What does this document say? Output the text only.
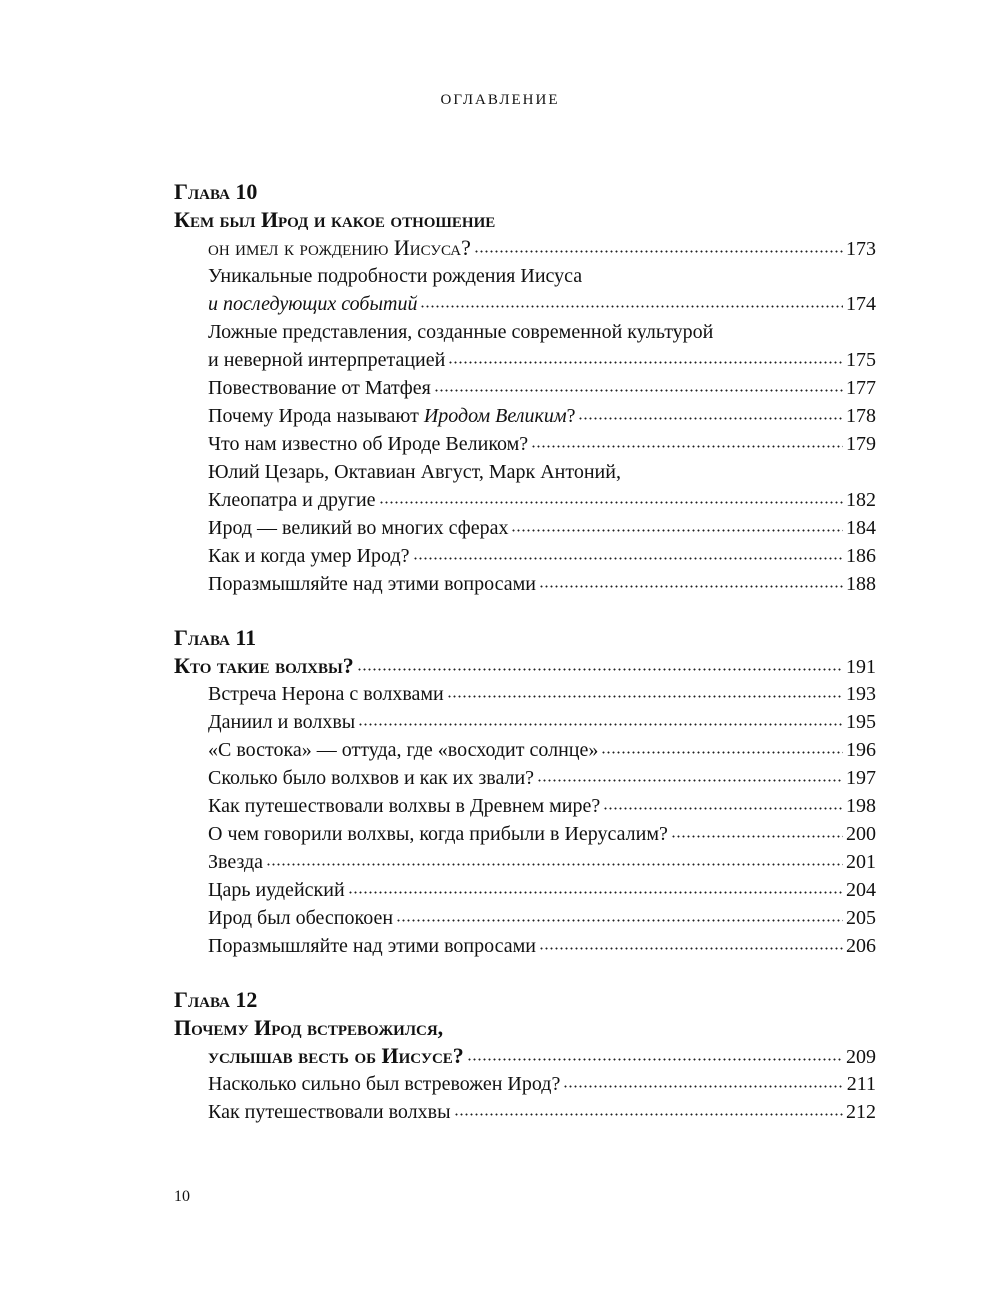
ОГЛАВЛЕНИЕ
Глава 10
Кем был Ирод и какое отношение
он имел к рождению Иисуса?	173
Уникальные подробности рождения Иисуса
и последующих событий	174
Ложные представления, созданные современной культурой
и неверной интерпретацией	175
Повествование от Матфея	177
Почему Ирода называют Иродом Великим?	178
Что нам известно об Ироде Великом?	179
Юлий Цезарь, Октавиан Август, Марк Антоний,
Клеопатра и другие	182
Ирод — великий во многих сферах	184
Как и когда умер Ирод?	186
Поразмышляйте над этими вопросами	188
Глава 11
Кто такие волхвы?	191
Встреча Нерона с волхвами	193
Даниил и волхвы	195
«С востока» — оттуда, где «восходит солнце»	196
Сколько было волхвов и как их звали?	197
Как путешествовали волхвы в Древнем мире?	198
О чем говорили волхвы, когда прибыли в Иерусалим?	200
Звезда	201
Царь иудейский	204
Ирод был обеспокоен	205
Поразмышляйте над этими вопросами	206
Глава 12
Почему Ирод встревожился,
услышав весть об Иисусе?	209
Насколько сильно был встревожен Ирод?	211
Как путешествовали волхвы	212
10
